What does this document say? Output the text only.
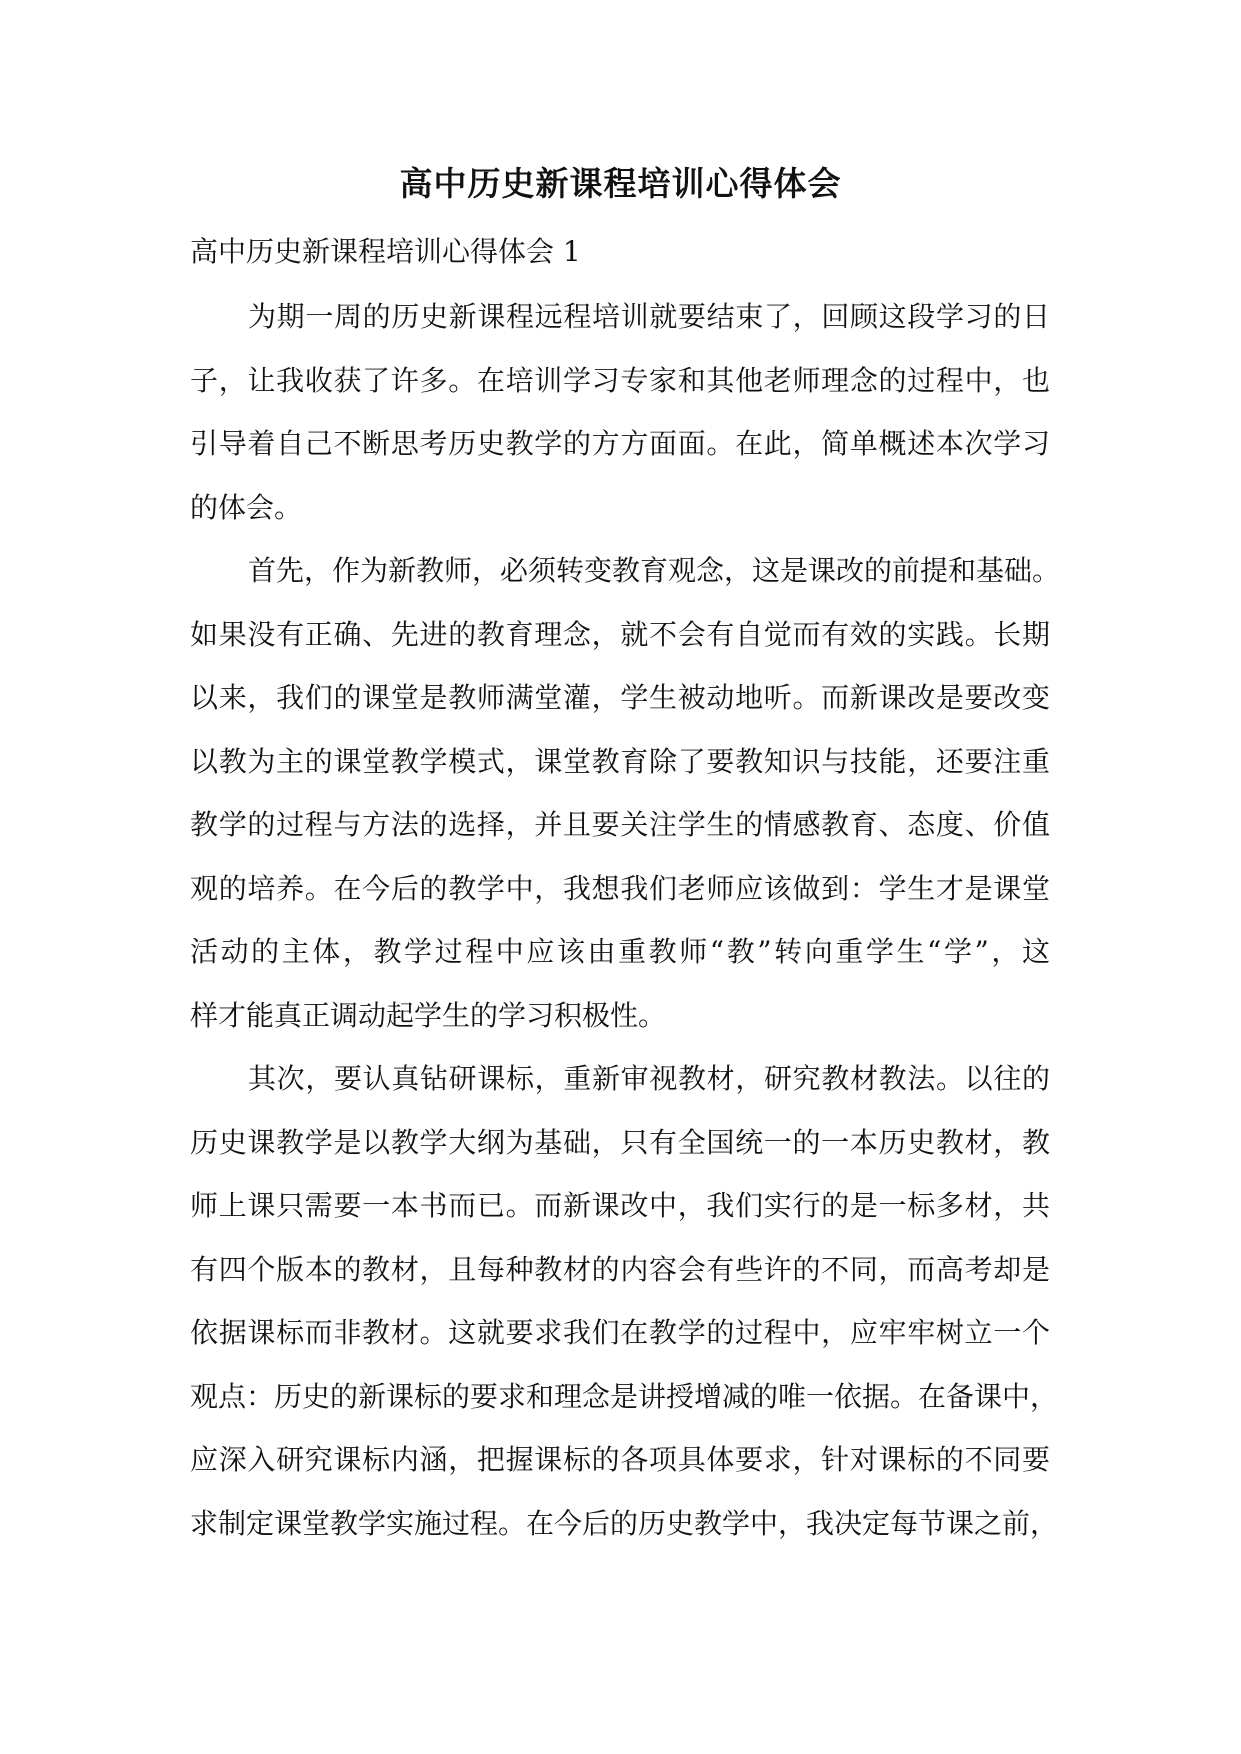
高中历史新课程培训心得体会
高中历史新课程培训心得体会 1
为期一周的历史新课程远程培训就要结束了，回顾这段学习的日
子，让我收获了许多。在培训学习专家和其他老师理念的过程中，也
引导着自己不断思考历史教学的方方面面。在此，简单概述本次学习
的体会。
首先，作为新教师，必须转变教育观念，这是课改的前提和基础。
如果没有正确、先进的教育理念，就不会有自觉而有效的实践。长期
以来，我们的课堂是教师满堂灌，学生被动地听。而新课改是要改变
以教为主的课堂教学模式，课堂教育除了要教知识与技能，还要注重
教学的过程与方法的选择，并且要关注学生的情感教育、态度、价值
观的培养。在今后的教学中，我想我们老师应该做到：学生才是课堂
活动的主体，教学过程中应该由重教师“教”转向重学生“学”，这
样才能真正调动起学生的学习积极性。
其次，要认真钻研课标，重新审视教材，研究教材教法。以往的
历史课教学是以教学大纲为基础，只有全国统一的一本历史教材，教
师上课只需要一本书而已。而新课改中，我们实行的是一标多材，共
有四个版本的教材，且每种教材的内容会有些许的不同，而高考却是
依据课标而非教材。这就要求我们在教学的过程中，应牢牢树立一个
观点：历史的新课标的要求和理念是讲授增减的唯一依据。在备课中，
应深入研究课标内涵，把握课标的各项具体要求，针对课标的不同要
求制定课堂教学实施过程。在今后的历史教学中，我决定每节课之前，
